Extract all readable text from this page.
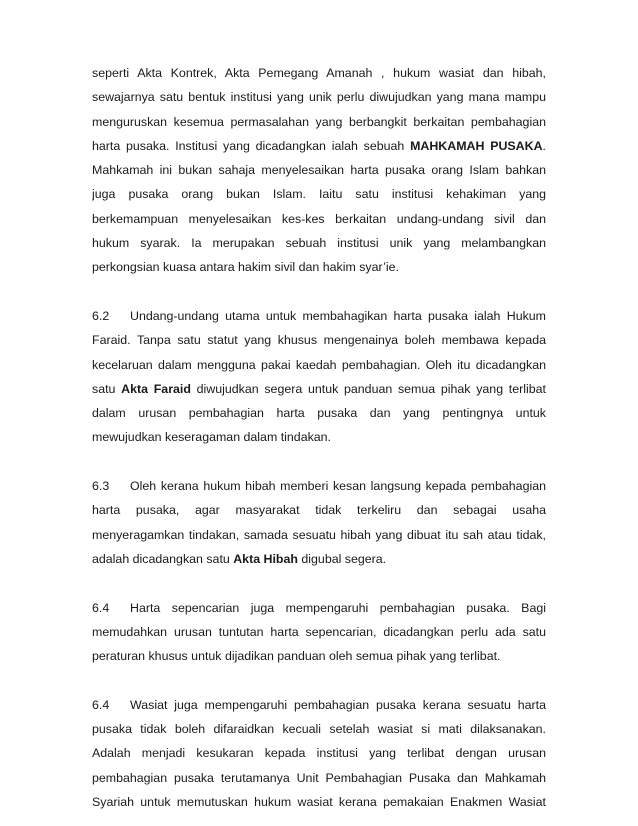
seperti Akta Kontrek, Akta Pemegang Amanah , hukum wasiat dan hibah,
sewajarnya satu bentuk institusi yang unik perlu diwujudkan yang mana mampu
menguruskan kesemua permasalahan yang berbangkit berkaitan pembahagian
harta pusaka. Institusi yang dicadangkan ialah sebuah MAHKAMAH PUSAKA.
Mahkamah ini bukan sahaja menyelesaikan harta pusaka orang Islam bahkan
juga pusaka orang bukan Islam. Iaitu satu institusi kehakiman yang
berkemampuan menyelesaikan kes-kes berkaitan undang-undang sivil dan
hukum syarak. Ia merupakan sebuah institusi unik yang melambangkan
perkongsian kuasa antara hakim sivil dan hakim syar’ie.
6.2 Undang-undang utama untuk membahagikan harta pusaka ialah Hukum
Faraid. Tanpa satu statut yang khusus mengenainya boleh membawa kepada
kecelaruan dalam mengguna pakai kaedah pembahagian. Oleh itu dicadangkan
satu Akta Faraid diwujudkan segera untuk panduan semua pihak yang terlibat
dalam urusan pembahagian harta pusaka dan yang pentingnya untuk
mewujudkan keseragaman dalam tindakan.
6.3 Oleh kerana hukum hibah memberi kesan langsung kepada pembahagian
harta pusaka, agar masyarakat tidak terkeliru dan sebagai usaha
menyeragamkan tindakan, samada sesuatu hibah yang dibuat itu sah atau tidak,
adalah dicadangkan satu Akta Hibah digubal segera.
6.4 Harta sepencarian juga mempengaruhi pembahagian pusaka. Bagi
memudahkan urusan tuntutan harta sepencarian, dicadangkan perlu ada satu
peraturan khusus untuk dijadikan panduan oleh semua pihak yang terlibat.
6.4 Wasiat juga mempengaruhi pembahagian pusaka kerana sesuatu harta
pusaka tidak boleh difaraidkan kecuali setelah wasiat si mati dilaksanakan.
Adalah menjadi kesukaran kepada institusi yang terlibat dengan urusan
pembahagian pusaka terutamanya Unit Pembahagian Pusaka dan Mahkamah
Syariah untuk memutuskan hukum wasiat kerana pemakaian Enakmen Wasiat
